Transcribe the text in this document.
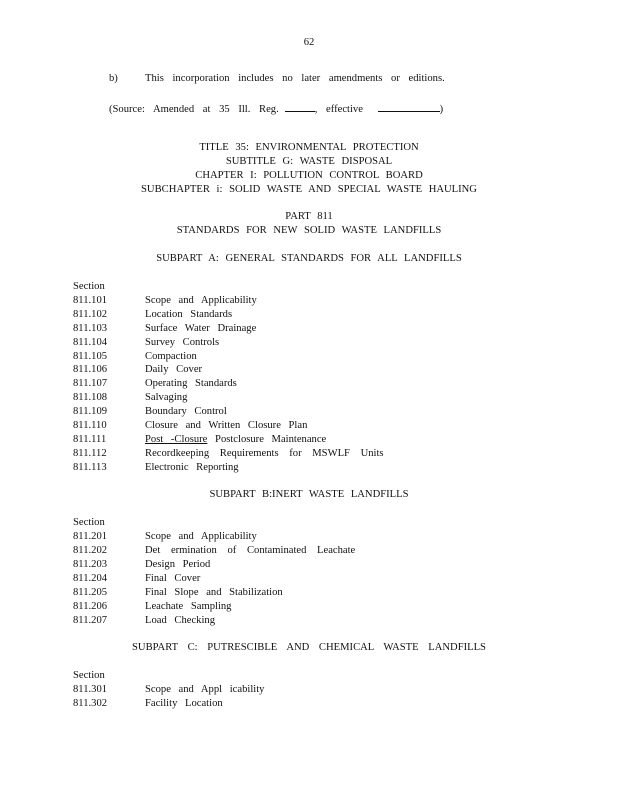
62
b)	This incorporation includes no later amendments or editions.
(Source: Amended at 35 Ill. Reg.	, effective	)
TITLE 35: ENVIRONMENTAL PROTECTION
SUBTITLE G: WASTE DISPOSAL
CHAPTER I: POLLUTION CONTROL BOARD
SUBCHAPTER i: SOLID WASTE AND SPECIAL WASTE HAULING
PART 811
STANDARDS FOR NEW SOLID WASTE LANDFILLS
SUBPART A: GENERAL STANDARDS FOR ALL LANDFILLS
Section
811.101	Scope and Applicability
811.102	Location Standards
811.103	Surface Water Drainage
811.104	Survey Controls
811.105	Compaction
811.106	Daily Cover
811.107	Operating Standards
811.108	Salvaging
811.109	Boundary Control
811.110	Closure and Written Closure Plan
811.111	Post -Closure Postclosure Maintenance
811.112	Recordkeeping Requirements for MSWLF Units
811.113	Electronic Reporting
SUBPART B:INERT WASTE LANDFILLS
Section
811.201	Scope and Applicability
811.202	Det ermination of Contaminated Leachate
811.203	Design Period
811.204	Final Cover
811.205	Final Slope and Stabilization
811.206	Leachate Sampling
811.207	Load Checking
SUBPART C: PUTRESCIBLE AND CHEMICAL WASTE LANDFILLS
Section
811.301	Scope and Appl icability
811.302	Facility Location
